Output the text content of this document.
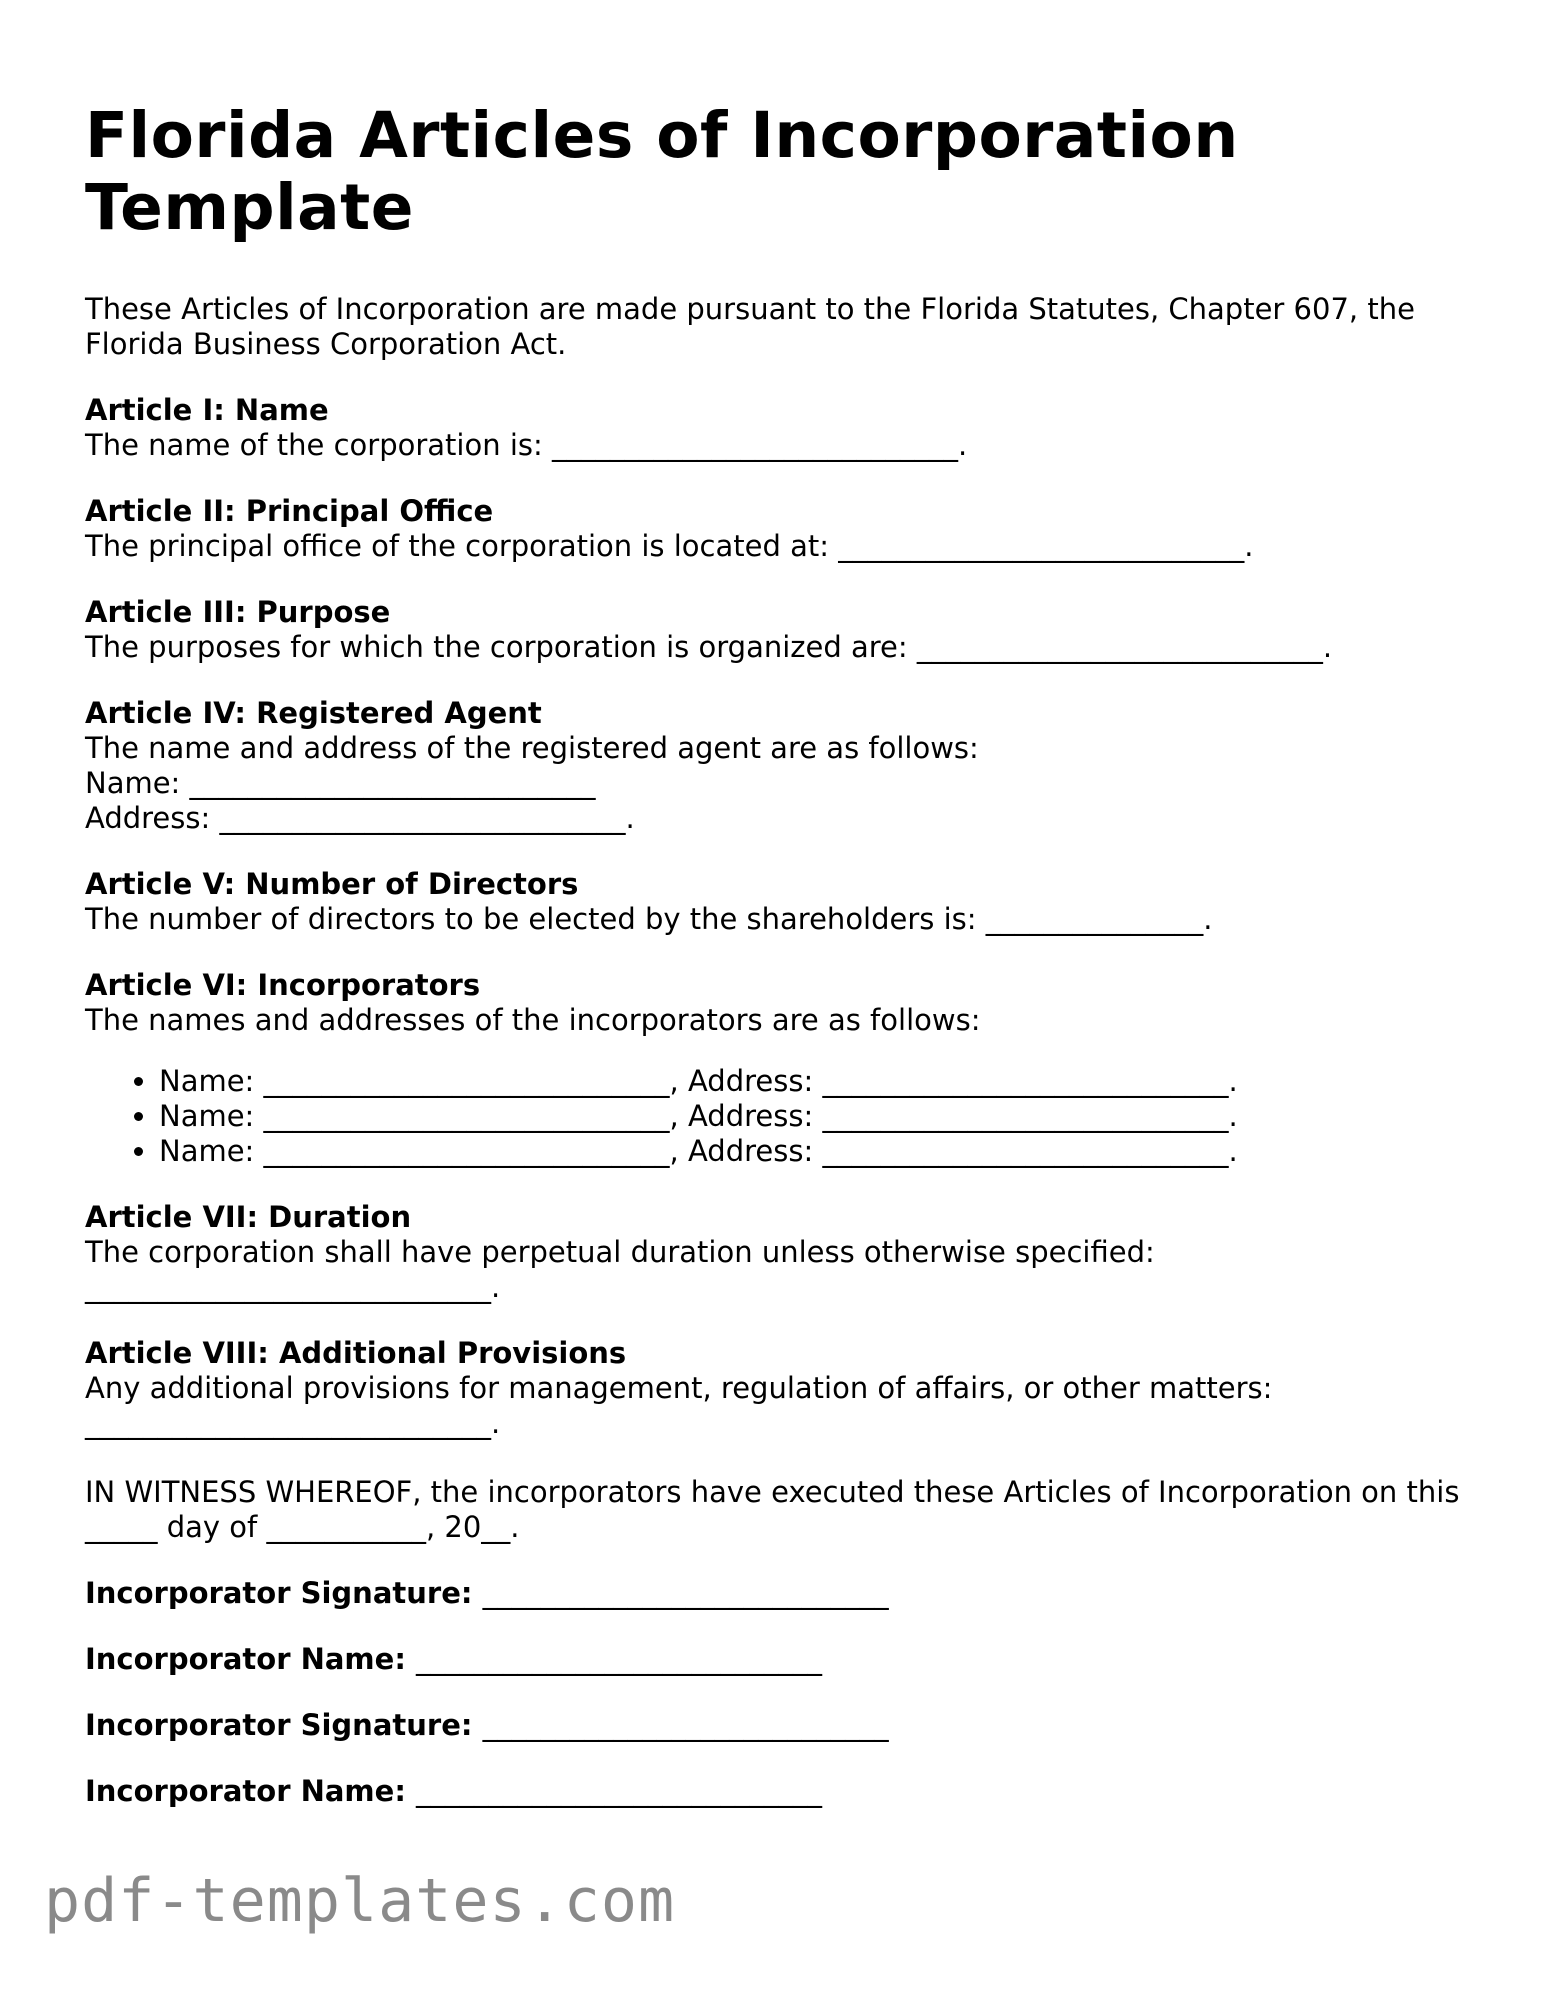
Florida Articles of Incorporation Template
These Articles of Incorporation are made pursuant to the Florida Statutes, Chapter 607, the Florida Business Corporation Act.
Article I: Name
The name of the corporation is: ____________________________.
Article II: Principal Office
The principal office of the corporation is located at: ____________________________.
Article III: Purpose
The purposes for which the corporation is organized are: ____________________________.
Article IV: Registered Agent
The name and address of the registered agent are as follows:
Name: ____________________________
Address: ____________________________.
Article V: Number of Directors
The number of directors to be elected by the shareholders is: _______________.
Article VI: Incorporators
The names and addresses of the incorporators are as follows:
• Name: ____________________________, Address: ____________________________.
• Name: ____________________________, Address: ____________________________.
• Name: ____________________________, Address: ____________________________.
Article VII: Duration
The corporation shall have perpetual duration unless otherwise specified:
____________________________.
Article VIII: Additional Provisions
Any additional provisions for management, regulation of affairs, or other matters:
____________________________.
IN WITNESS WHEREOF, the incorporators have executed these Articles of Incorporation on this _____ day of ___________, 20__.
Incorporator Signature: ____________________________
Incorporator Name: ____________________________
Incorporator Signature: ____________________________
Incorporator Name: ____________________________
pdf-templates.com
